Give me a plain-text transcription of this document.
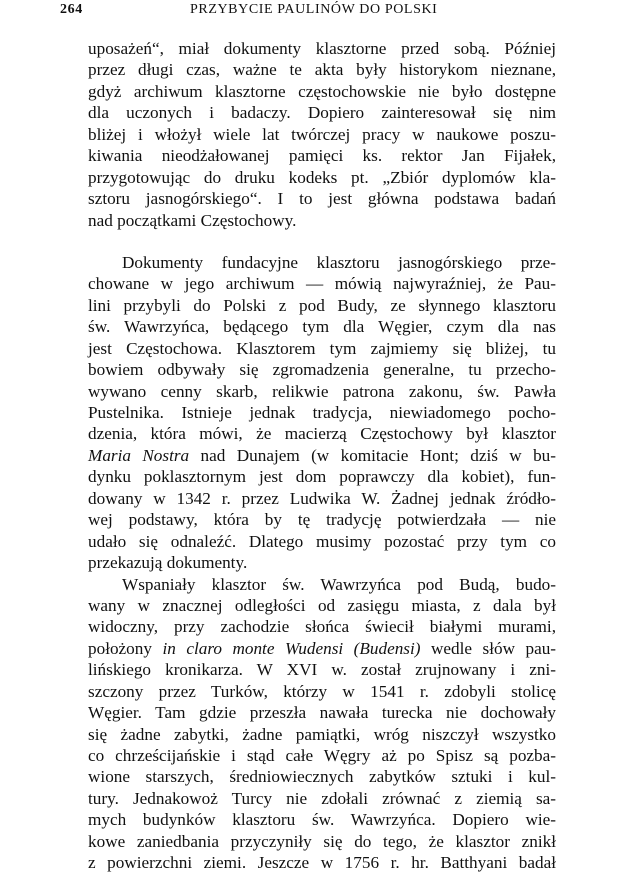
264	PRZYBYCIE PAULINÓW DO POLSKI

uposażeń“, miał dokumenty klasztorne przed sobą. Później
przez długi czas, ważne te akta były historykom nieznane,
gdyż archiwum klasztorne częstochowskie nie było dostępne
dla uczonych i badaczy. Dopiero zainteresował się nim
bliżej i włożył wiele lat twórczej pracy w naukowe poszu-
kiwania nieodżałowanej pamięci ks. rektor Jan Fijałek,
przygotowując do druku kodeks pt. „Zbiór dyplomów kla-
sztoru jasnogórskiego“. I to jest główna podstawa badań
nad początkami Częstochowy.

Dokumenty fundacyjne klasztoru jasnogórskiego prze-
chowane w jego archiwum — mówią najwyraźniej, że Pau-
lini przybyli do Polski z pod Budy, ze słynnego klasztoru
św. Wawrzyńca, będącego tym dla Węgier, czym dla nas
jest Częstochowa. Klasztorem tym zajmiemy się bliżej, tu
bowiem odbywały się zgromadzenia generalne, tu przecho-
wywano cenny skarb, relikwie patrona zakonu, św. Pawła
Pustelnika. Istnieje jednak tradycja, niewiadomego pocho-
dzenia, która mówi, że macierzą Częstochowy był klasztor
Maria Nostra nad Dunajem (w komitacie Hont; dziś w bu-
dynku poklasztornym jest dom poprawczy dla kobiet), fun-
dowany w 1342 r. przez Ludwika W. Żadnej jednak źródło-
wej podstawy, która by tę tradycję potwierdzała — nie
udało się odnaleźć. Dlatego musimy pozostać przy tym co
przekazują dokumenty.

Wspaniały klasztor św. Wawrzyńca pod Budą, budo-
wany w znacznej odległości od zasięgu miasta, z dala był
widoczny, przy zachodzie słońca świecił białymi murami,
położony in claro monte Wudensi (Budensi) wedle słów pau-
lińskiego kronikarza. W XVI w. został zrujnowany i zni-
szczony przez Turków, którzy w 1541 r. zdobyli stolicę
Węgier. Tam gdzie przeszła nawała turecka nie dochowały
się żadne zabytki, żadne pamiątki, wróg niszczył wszystko
co chrześcijańskie i stąd całe Węgry aż po Spisz są pozba-
wione starszych, średniowiecznych zabytków sztuki i kul-
tury. Jednakowoż Turcy nie zdołali zrównać z ziemią sa-
mych budynków klasztoru św. Wawrzyńca. Dopiero wie-
kowe zaniedbania przyczyniły się do tego, że klasztor znikł
z powierzchni ziemi. Jeszcze w 1756 r. hr. Batthyani badał
